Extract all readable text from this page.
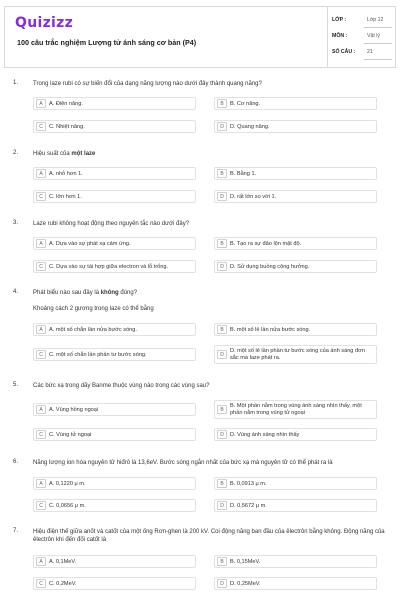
Quizizz
100 câu trắc nghiệm Lượng tử ánh sáng cơ bản (P4)
LỚP :	Lớp 12
MÔN :	Vật lý
SỐ CÂU : 21
1. Trong laze rubi có sự biến đổi của dạng năng lượng nào dưới đây thành quang năng?
A	A. Điện năng.	B	B. Cơ năng.
C	C. Nhiệt năng.	D	D. Quang năng.
2. Hiệu suất của một laze
A	A. nhỏ hơn 1.	B	B. Bằng 1.
C	C. lớn hơn 1.	D	D. rất lớn so với 1.
3. Laze rubi không hoạt động theo nguyên tắc nào dưới đây?
A	A. Dựa vào sự phát xạ cảm ứng.	B	B. Tạo ra sự đảo lộn mật độ.
C	C. Dựa vào sự tái hợp giữa electron và lỗ trống.	D	D. Sử dụng buồng cộng hưởng.
4. Phát biểu nào sau đây là không đúng?
Khoảng cách 2 gương trong laze có thể bằng
A	A. một số chẵn lần nửa bước sóng.	B	B. một số lẻ lần nửa bước sóng.
C	C. một số chẵn lần phần tư bước sóng.	D
D. một số lẻ lần phần tư bước sóng của ánh sáng đơn sắc mà laze phát ra.
5. Các bức xạ trong dãy Banme thuộc vùng nào trong các vùng sau?
A	A. Vùng hồng ngoại	B
B. Một phần nằm trong vùng ánh sáng nhìn thấy, một phần nằm trong vùng tử ngoại
C	C. Vùng tử ngoại	D	D. Vùng ánh sáng nhìn thấy
6. Năng lượng ion hóa nguyên tử hiđrô là 13,6eV. Bước sóng ngắn nhất của bức xạ mà nguyên tử có thể phát ra là
A	A. 0,1220 μ m.	B	B. 0,0913 μ m.
C	C. 0,0656 μ m.	D	D. 0,5672 μ m.
7. Hiệu điện thế giữa anốt và catốt của một ống Rơn-ghen là 200 kV. Coi động năng ban đầu của êlectrôn bằng không. Động năng của êlectrôn khi đến đối catốt là
A	A. 0,1MeV.	B	B. 0,15MeV.
C	C. 0,2MeV.	D	D. 0,25MeV.
